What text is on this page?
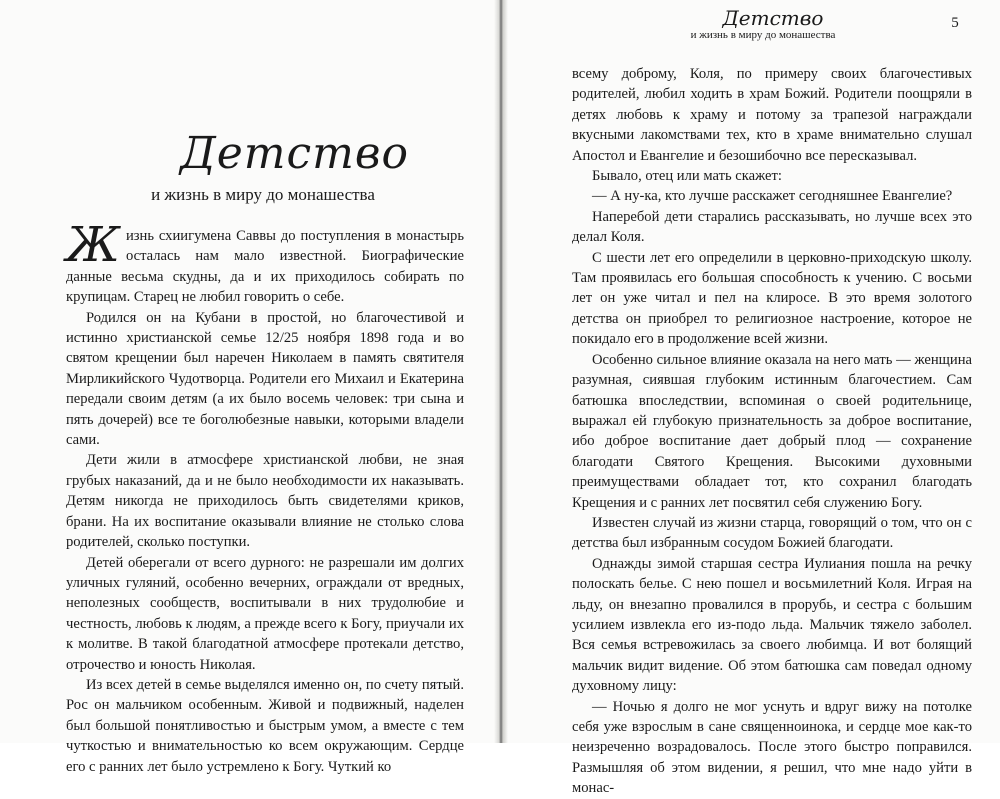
Детство
и жизнь в миру до монашества

Жизнь схиигумена Саввы до поступления в монастырь осталась нам мало известной. Биографические данные весьма скудны, да и их приходилось собирать по крупицам. Старец не любил говорить о себе.

Родился он на Кубани в простой, но благочестивой и истинно христианской семье 12/25 ноября 1898 года и во святом крещении был наречен Николаем в память святителя Мирликийского Чудотворца. Родители его Михаил и Екатерина передали своим детям (а их было восемь человек: три сына и пять дочерей) все те боголюбезные навыки, которыми владели сами.

Дети жили в атмосфере христианской любви, не зная грубых наказаний, да и не было необходимости их наказывать. Детям никогда не приходилось быть свидетелями криков, брани. На их воспитание оказывали влияние не столько слова родителей, сколько поступки.

Детей оберегали от всего дурного: не разрешали им долгих уличных гуляний, особенно вечерних, ограждали от вредных, неполезных сообществ, воспитывали в них трудолюбие и честность, любовь к людям, а прежде всего к Богу, приучали их к молитве. В такой благодатной атмосфере протекали детство, отрочество и юность Николая.

Из всех детей в семье выделялся именно он, по счету пятый. Рос он мальчиком особенным. Живой и подвижный, наделен был большой понятливостью и быстрым умом, а вместе с тем чуткостью и внимательностью ко всем окружающим. Сердце его с ранних лет было устремлено к Богу. Чуткий ко

Детство
и жизнь в миру до монашества
5

всему доброму, Коля, по примеру своих благочестивых родителей, любил ходить в храм Божий. Родители поощряли в детях любовь к храму и потому за трапезой награждали вкусными лакомствами тех, кто в храме внимательно слушал Апостол и Евангелие и безошибочно все пересказывал.

Бывало, отец или мать скажет:

— А ну-ка, кто лучше расскажет сегодняшнее Евангелие?

Наперебой дети старались рассказывать, но лучше всех это делал Коля.

С шести лет его определили в церковно-приходскую школу. Там проявилась его большая способность к учению. С восьми лет он уже читал и пел на клиросе. В это время золотого детства он приобрел то религиозное настроение, которое не покидало его в продолжение всей жизни.

Особенно сильное влияние оказала на него мать — женщина разумная, сиявшая глубоким истинным благочестием. Сам батюшка впоследствии, вспоминая о своей родительнице, выражал ей глубокую признательность за доброе воспитание, ибо доброе воспитание дает добрый плод — сохранение благодати Святого Крещения. Высокими духовными преимуществами обладает тот, кто сохранил благодать Крещения и с ранних лет посвятил себя служению Богу.

Известен случай из жизни старца, говорящий о том, что он с детства был избранным сосудом Божией благодати.

Однажды зимой старшая сестра Иулиания пошла на речку полоскать белье. С нею пошел и восьмилетний Коля. Играя на льду, он внезапно провалился в прорубь, и сестра с большим усилием извлекла его из-подо льда. Мальчик тяжело заболел. Вся семья встревожилась за своего любимца. И вот болящий мальчик видит видение. Об этом батюшка сам поведал одному духовному лицу:

— Ночью я долго не мог уснуть и вдруг вижу на потолке себя уже взрослым в сане священноинока, и сердце мое как-то неизреченно возрадовалось. После этого быстро поправился. Размышляя об этом видении, я решил, что мне надо уйти в монас-
